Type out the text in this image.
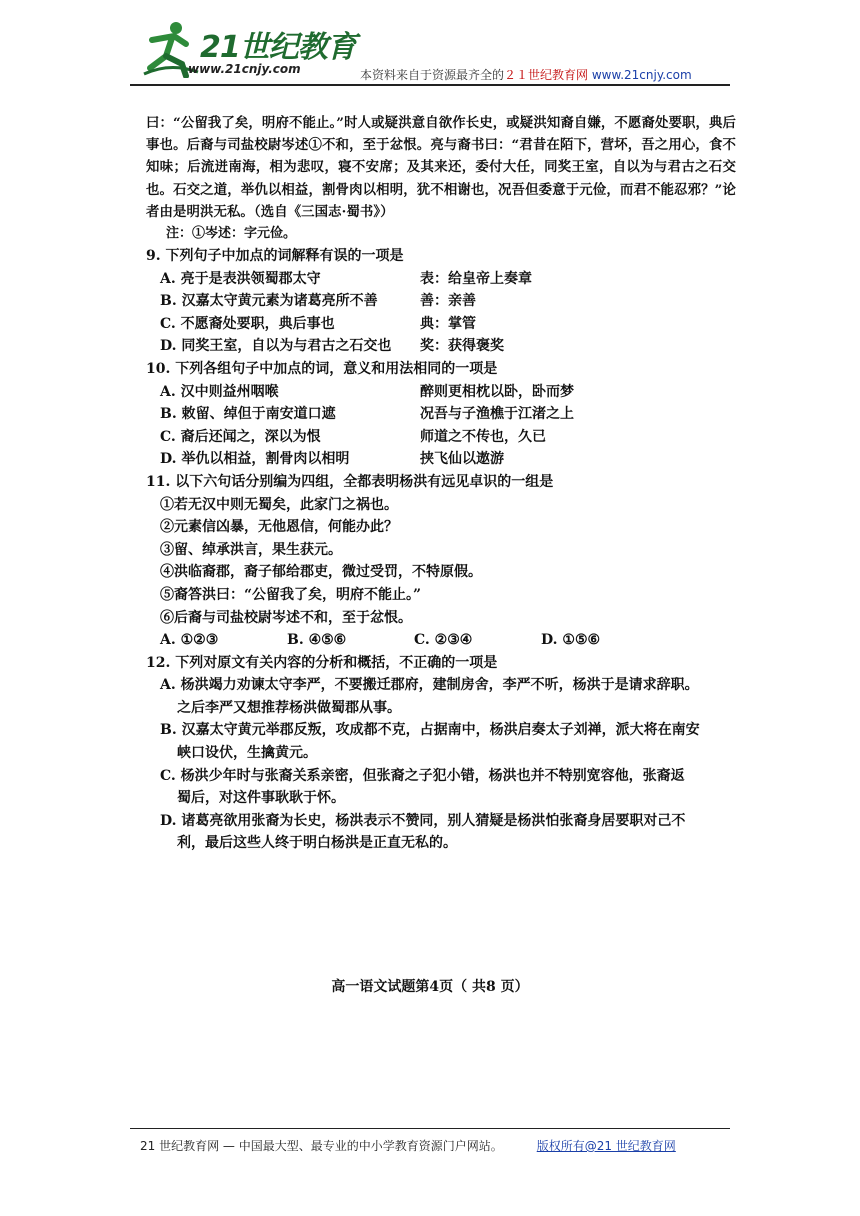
21世纪教育
www.21cnjy.com	本资料来自于资源最齐全的２１世纪教育网 www.21cnjy.com

曰：“公留我了矣，明府不能止。”时人或疑洪意自欲作长史，或疑洪知裔自嫌，不愿裔处要职，典后事也。后裔与司盐校尉岑述①不和，至于忿恨。亮与裔书曰：“君昔在陌下，营坏，吾之用心，食不知味；后流迸南海，相为悲叹，寝不安席；及其来还，委付大任，同奖王室，自以为与君古之石交也。石交之道，举仇以相益，割骨肉以相明，犹不相谢也，况吾但委意于元俭，而君不能忍邪？”论者由是明洪无私。（选自《三国志·蜀书》）

注：①岑述：字元俭。

9. 下列句子中加点的词解释有误的一项是
A. 亮于是表洪领蜀郡太守	表：给皇帝上奏章
B. 汉嘉太守黄元素为诸葛亮所不善	善：亲善
C. 不愿裔处要职，典后事也	典：掌管
D. 同奖王室，自以为与君古之石交也	奖：获得褒奖
10. 下列各组句子中加点的词，意义和用法相同的一项是
A. 汉中则益州咽喉	醉则更相枕以卧，卧而梦
B. 敕留、绰但于南安道口遮	况吾与子渔樵于江渚之上
C. 裔后还闻之，深以为恨	师道之不传也，久已
D. 举仇以相益，割骨肉以相明	挟飞仙以遨游
11. 以下六句话分别编为四组，全都表明杨洪有远见卓识的一组是
①若无汉中则无蜀矣，此家门之祸也。
②元素信凶暴，无他恩信，何能办此？
③留、绰承洪言，果生获元。
④洪临裔郡，裔子郁给郡吏，微过受罚，不特原假。
⑤裔答洪曰：“公留我了矣，明府不能止。”
⑥后裔与司盐校尉岑述不和，至于忿恨。
A. ①②③	B. ④⑤⑥	C. ②③④	D. ①⑤⑥
12. 下列对原文有关内容的分析和概括，不正确的一项是
A. 杨洪竭力劝谏太守李严，不要搬迁郡府，建制房舍，李严不听，杨洪于是请求辞职。
之后李严又想推荐杨洪做蜀郡从事。
B. 汉嘉太守黄元举郡反叛，攻成都不克，占据南中，杨洪启奏太子刘禅，派大将在南安
峡口设伏，生擒黄元。
C. 杨洪少年时与张裔关系亲密，但张裔之子犯小错，杨洪也并不特别宽容他，张裔返
蜀后，对这件事耿耿于怀。
D. 诸葛亮欲用张裔为长史，杨洪表示不赞同，别人猜疑是杨洪怕张裔身居要职对己不
利，最后这些人终于明白杨洪是正直无私的。
高一语文试题第4页（ 共8 页）
21 世纪教育网 — 中国最大型、最专业的中小学教育资源门户网站。	版权所有@21 世纪教育网
